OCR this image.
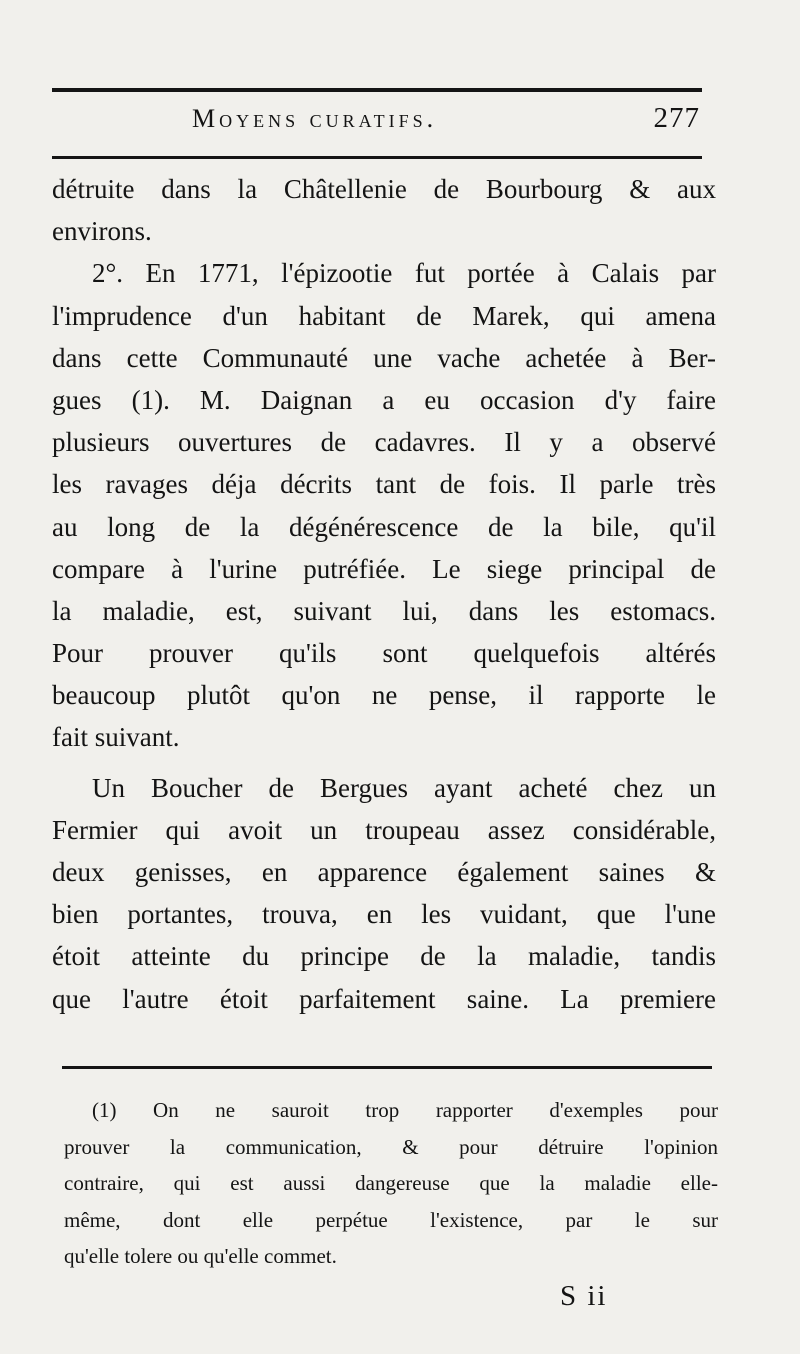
Moyens curatifs.	277
détruite dans la Châtellenie de Bourbourg & aux
environs.
2°. En 1771, l'épizootie fut portée à Calais par
l'imprudence d'un habitant de Marek, qui amena
dans cette Communauté une vache achetée à Ber-
gues (1). M. Daignan a eu occasion d'y faire
plusieurs ouvertures de cadavres. Il y a observé
les ravages déja décrits tant de fois. Il parle très
au long de la dégénérescence de la bile, qu'il
compare à l'urine putréfiée. Le siege principal de
la maladie, est, suivant lui, dans les estomacs.
Pour prouver qu'ils sont quelquefois altérés
beaucoup plutôt qu'on ne pense, il rapporte le
fait suivant.
Un Boucher de Bergues ayant acheté chez un
Fermier qui avoit un troupeau assez considérable,
deux genisses, en apparence également saines &
bien portantes, trouva, en les vuidant, que l'une
étoit atteinte du principe de la maladie, tandis
que l'autre étoit parfaitement saine. La premiere
(1) On ne sauroit trop rapporter d'exemples pour
prouver la communication, & pour détruire l'opinion
contraire, qui est aussi dangereuse que la maladie elle-
même, dont elle perpétue l'existence, par le sur
qu'elle tolere ou qu'elle commet.
S ii
